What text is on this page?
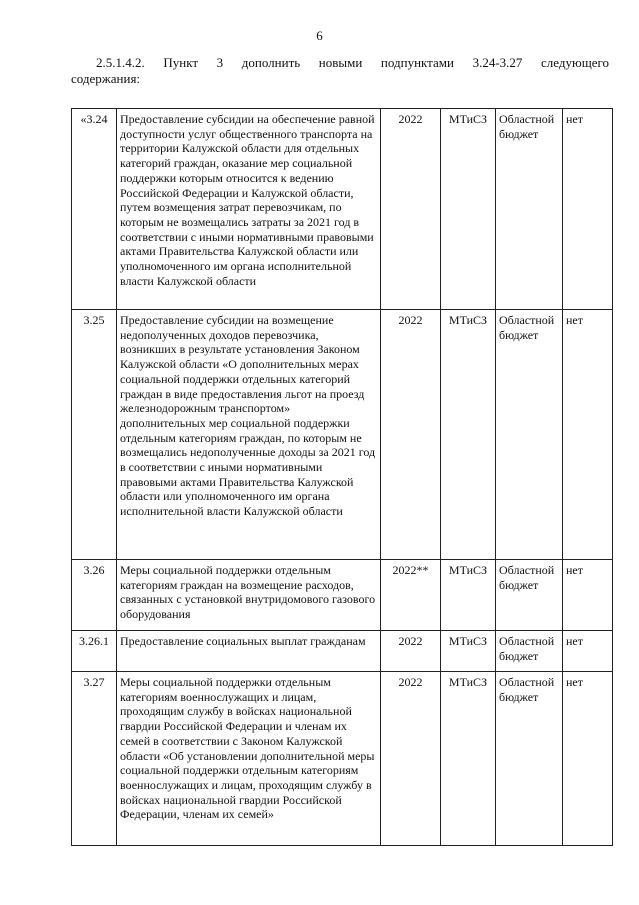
6
2.5.1.4.2. Пункт 3 дополнить новыми подпунктами 3.24-3.27 следующего
содержания:
«3.24	Предоставление субсидии на обеспечение равной доступности услуг общественного транспорта на территории Калужской области для отдельных категорий граждан, оказание мер социальной поддержки которым относится к ведению Российской Федерации и Калужской области, путем возмещения затрат перевозчикам, по которым не возмещались затраты за 2021 год в соответствии с иными нормативными правовыми актами Правительства Калужской области или уполномоченного им органа исполнительной власти Калужской области	2022	МТиСЗ	Областной бюджет	нет
3.25	Предоставление субсидии на возмещение недополученных доходов перевозчика, возникших в результате установления Законом Калужской области «О дополнительных мерах социальной поддержки отдельных категорий граждан в виде предоставления льгот на проезд железнодорожным транспортом» дополнительных мер социальной поддержки отдельным категориям граждан, по которым не возмещались недополученные доходы за 2021 год в соответствии с иными нормативными правовыми актами Правительства Калужской области или уполномоченного им органа исполнительной власти Калужской области	2022	МТиСЗ	Областной бюджет	нет
3.26	Меры социальной поддержки отдельным категориям граждан на возмещение расходов, связанных с установкой внутридомового газового оборудования	2022**	МТиСЗ	Областной бюджет	нет
3.26.1	Предоставление социальных выплат гражданам	2022	МТиСЗ	Областной бюджет	нет
3.27	Меры социальной поддержки отдельным категориям военнослужащих и лицам, проходящим службу в войсках национальной гвардии Российской Федерации и членам их семей в соответствии с Законом Калужской области «Об установлении дополнительной меры социальной поддержки отдельным категориям военнослужащих и лицам, проходящим службу в войсках национальной гвардии Российской Федерации, членам их семей»	2022	МТиСЗ	Областной бюджет	нет
